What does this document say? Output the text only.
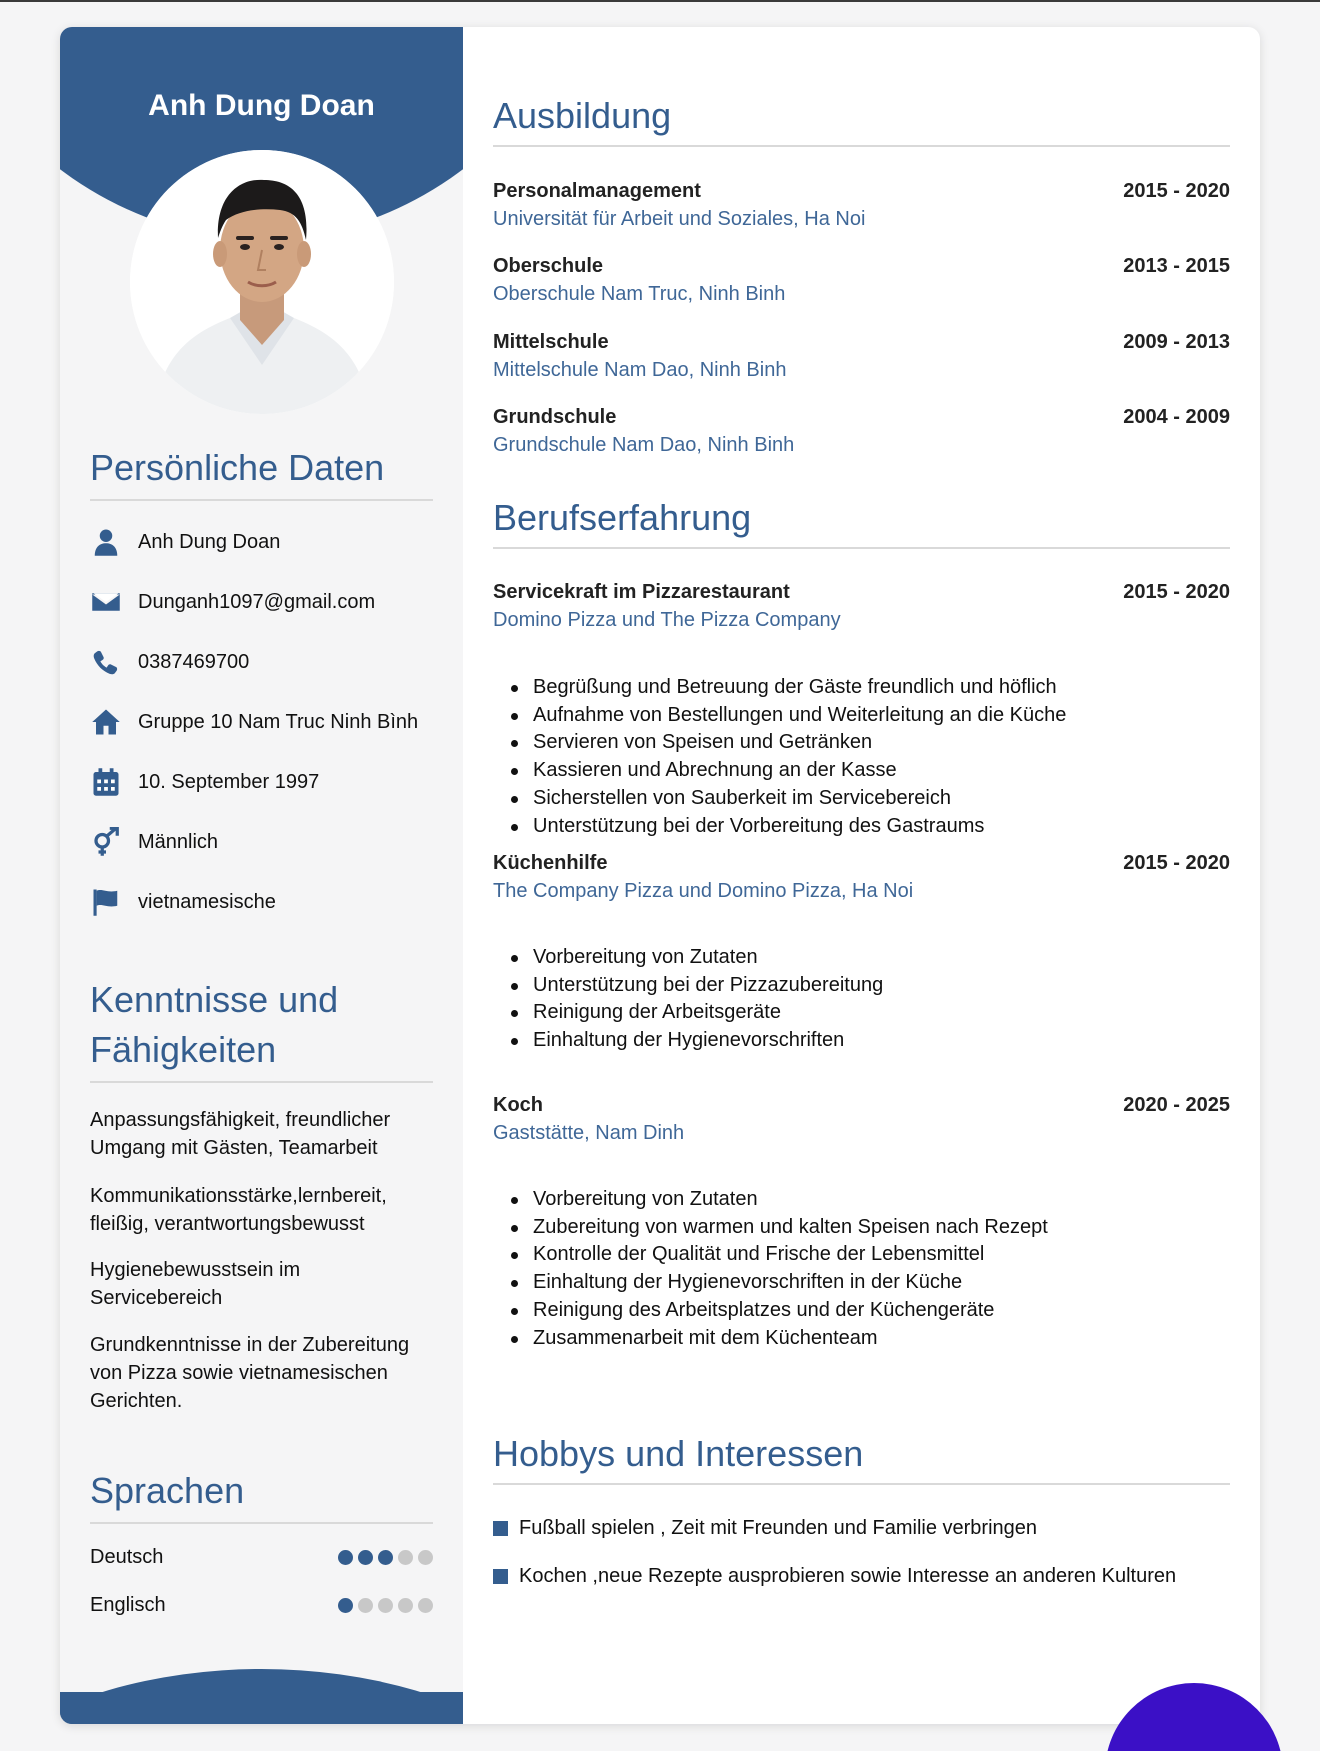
Anh Dung Doan
Persönliche Daten
Anh Dung Doan
Dunganh1097@gmail.com
0387469700
Gruppe 10 Nam Truc Ninh Bình
10. September 1997
Männlich
vietnamesische
Kenntnisse und
Fähigkeiten
Anpassungsfähigkeit, freundlicher Umgang mit Gästen, Teamarbeit
Kommunikationsstärke,lernbereit, fleißig, verantwortungsbewusst
Hygienebewusstsein im Servicebereich
Grundkenntnisse in der Zubereitung von Pizza sowie vietnamesischen Gerichten.
Sprachen
Deutsch
Englisch
Ausbildung
Personalmanagement	2015 - 2020
Universität für Arbeit und Soziales, Ha Noi
Oberschule	2013 - 2015
Oberschule Nam Truc, Ninh Binh
Mittelschule	2009 - 2013
Mittelschule Nam Dao, Ninh Binh
Grundschule	2004 - 2009
Grundschule Nam Dao, Ninh Binh
Berufserfahrung
Servicekraft im Pizzarestaurant	2015 - 2020
Domino Pizza und The Pizza Company
Begrüßung und Betreuung der Gäste freundlich und höflich
Aufnahme von Bestellungen und Weiterleitung an die Küche
Servieren von Speisen und Getränken
Kassieren und Abrechnung an der Kasse
Sicherstellen von Sauberkeit im Servicebereich
Unterstützung bei der Vorbereitung des Gastraums
Küchenhilfe	2015 - 2020
The Company Pizza und Domino Pizza, Ha Noi
Vorbereitung von Zutaten
Unterstützung bei der Pizzazubereitung
Reinigung der Arbeitsgeräte
Einhaltung der Hygienevorschriften
Koch	2020 - 2025
Gaststätte, Nam Dinh
Vorbereitung von Zutaten
Zubereitung von warmen und kalten Speisen nach Rezept
Kontrolle der Qualität und Frische der Lebensmittel
Einhaltung der Hygienevorschriften in der Küche
Reinigung des Arbeitsplatzes und der Küchengeräte
Zusammenarbeit mit dem Küchenteam
Hobbys und Interessen
Fußball spielen , Zeit mit Freunden und Familie verbringen
Kochen ,neue Rezepte ausprobieren sowie Interesse an anderen Kulturen
